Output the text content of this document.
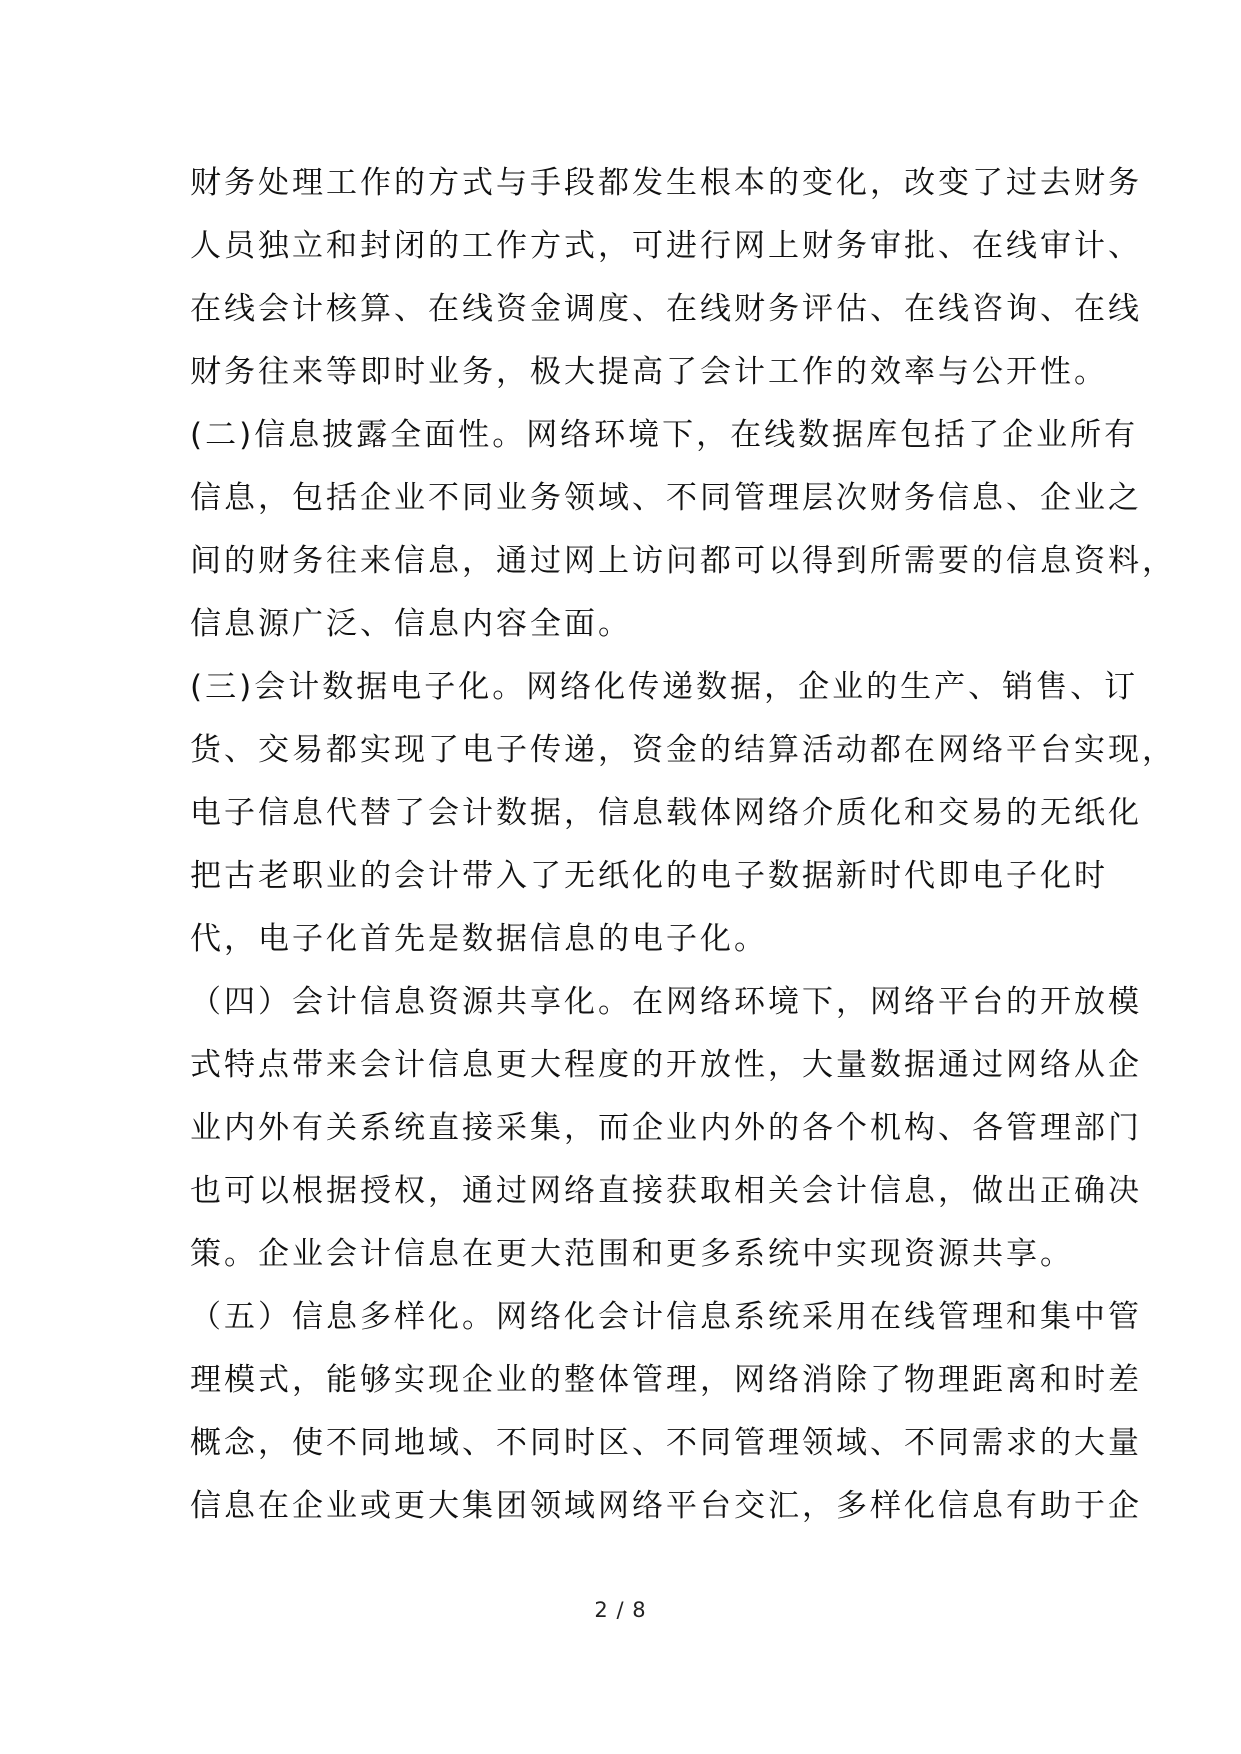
财务处理工作的方式与手段都发生根本的变化，改变了过去财务
人员独立和封闭的工作方式，可进行网上财务审批、在线审计、
在线会计核算、在线资金调度、在线财务评估、在线咨询、在线
财务往来等即时业务，极大提高了会计工作的效率与公开性。
(二)信息披露全面性。网络环境下，在线数据库包括了企业所有
信息，包括企业不同业务领域、不同管理层次财务信息、企业之
间的财务往来信息，通过网上访问都可以得到所需要的信息资料，
信息源广泛、信息内容全面。
(三)会计数据电子化。网络化传递数据，企业的生产、销售、订
货、交易都实现了电子传递，资金的结算活动都在网络平台实现，
电子信息代替了会计数据，信息载体网络介质化和交易的无纸化
把古老职业的会计带入了无纸化的电子数据新时代即电子化时
代，电子化首先是数据信息的电子化。
（四）会计信息资源共享化。在网络环境下，网络平台的开放模
式特点带来会计信息更大程度的开放性，大量数据通过网络从企
业内外有关系统直接采集，而企业内外的各个机构、各管理部门
也可以根据授权，通过网络直接获取相关会计信息，做出正确决
策。企业会计信息在更大范围和更多系统中实现资源共享。
（五）信息多样化。网络化会计信息系统采用在线管理和集中管
理模式，能够实现企业的整体管理，网络消除了物理距离和时差
概念，使不同地域、不同时区、不同管理领域、不同需求的大量
信息在企业或更大集团领域网络平台交汇，多样化信息有助于企
2 / 8
